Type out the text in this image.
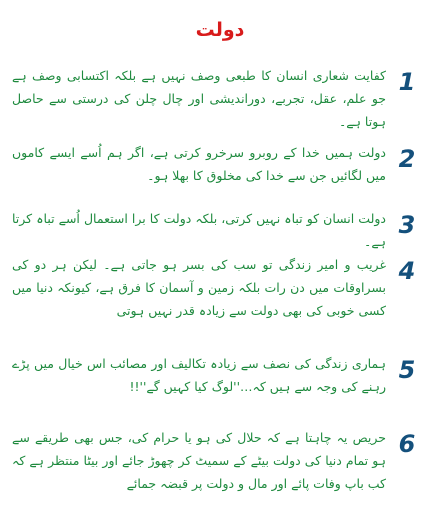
دولت
کفایت شعاری انسان کا طبعی وصف نہیں ہے بلکہ اکتسابی وصف ہے جو علم، عقل، تجربے، دوراندیشی اور چال چلن کی درستی سے حاصل ہوتا ہے۔
1
دولت ہمیں خدا کے روبرو سرخرو کرتی ہے، اگر ہم اُسے ایسے کاموں میں لگائیں جن سے خدا کی مخلوق کا بھلا ہو۔
2
دولت انسان کو تباہ نہیں کرتی، بلکہ دولت کا برا استعمال اُسے تباہ کرتا ہے۔
3
غریب و امیر زندگی تو سب کی بسر ہو جاتی ہے۔ لیکن ہر دو کی بسراوقات میں دن رات بلکہ زمین و آسمان کا فرق ہے، کیونکہ دنیا میں کسی خوبی کی بھی دولت سے زیادہ قدر نہیں ہوتی
4
ہماری زندگی کی نصف سے زیادہ تکالیف اور مصائب اس خیال میں پڑے رہنے کی وجہ سے ہیں کہ…''لوگ کیا کہیں گے''!!
5
حریص یہ چاہتا ہے کہ حلال کی ہو یا حرام کی، جس بھی طریقے سے ہو تمام دنیا کی دولت بیٹے کے سمیٹ کر چھوڑ جائے اور بیٹا منتظر ہے کہ کب باپ وفات پائے اور مال و دولت پر قبضہ جمائے
6
